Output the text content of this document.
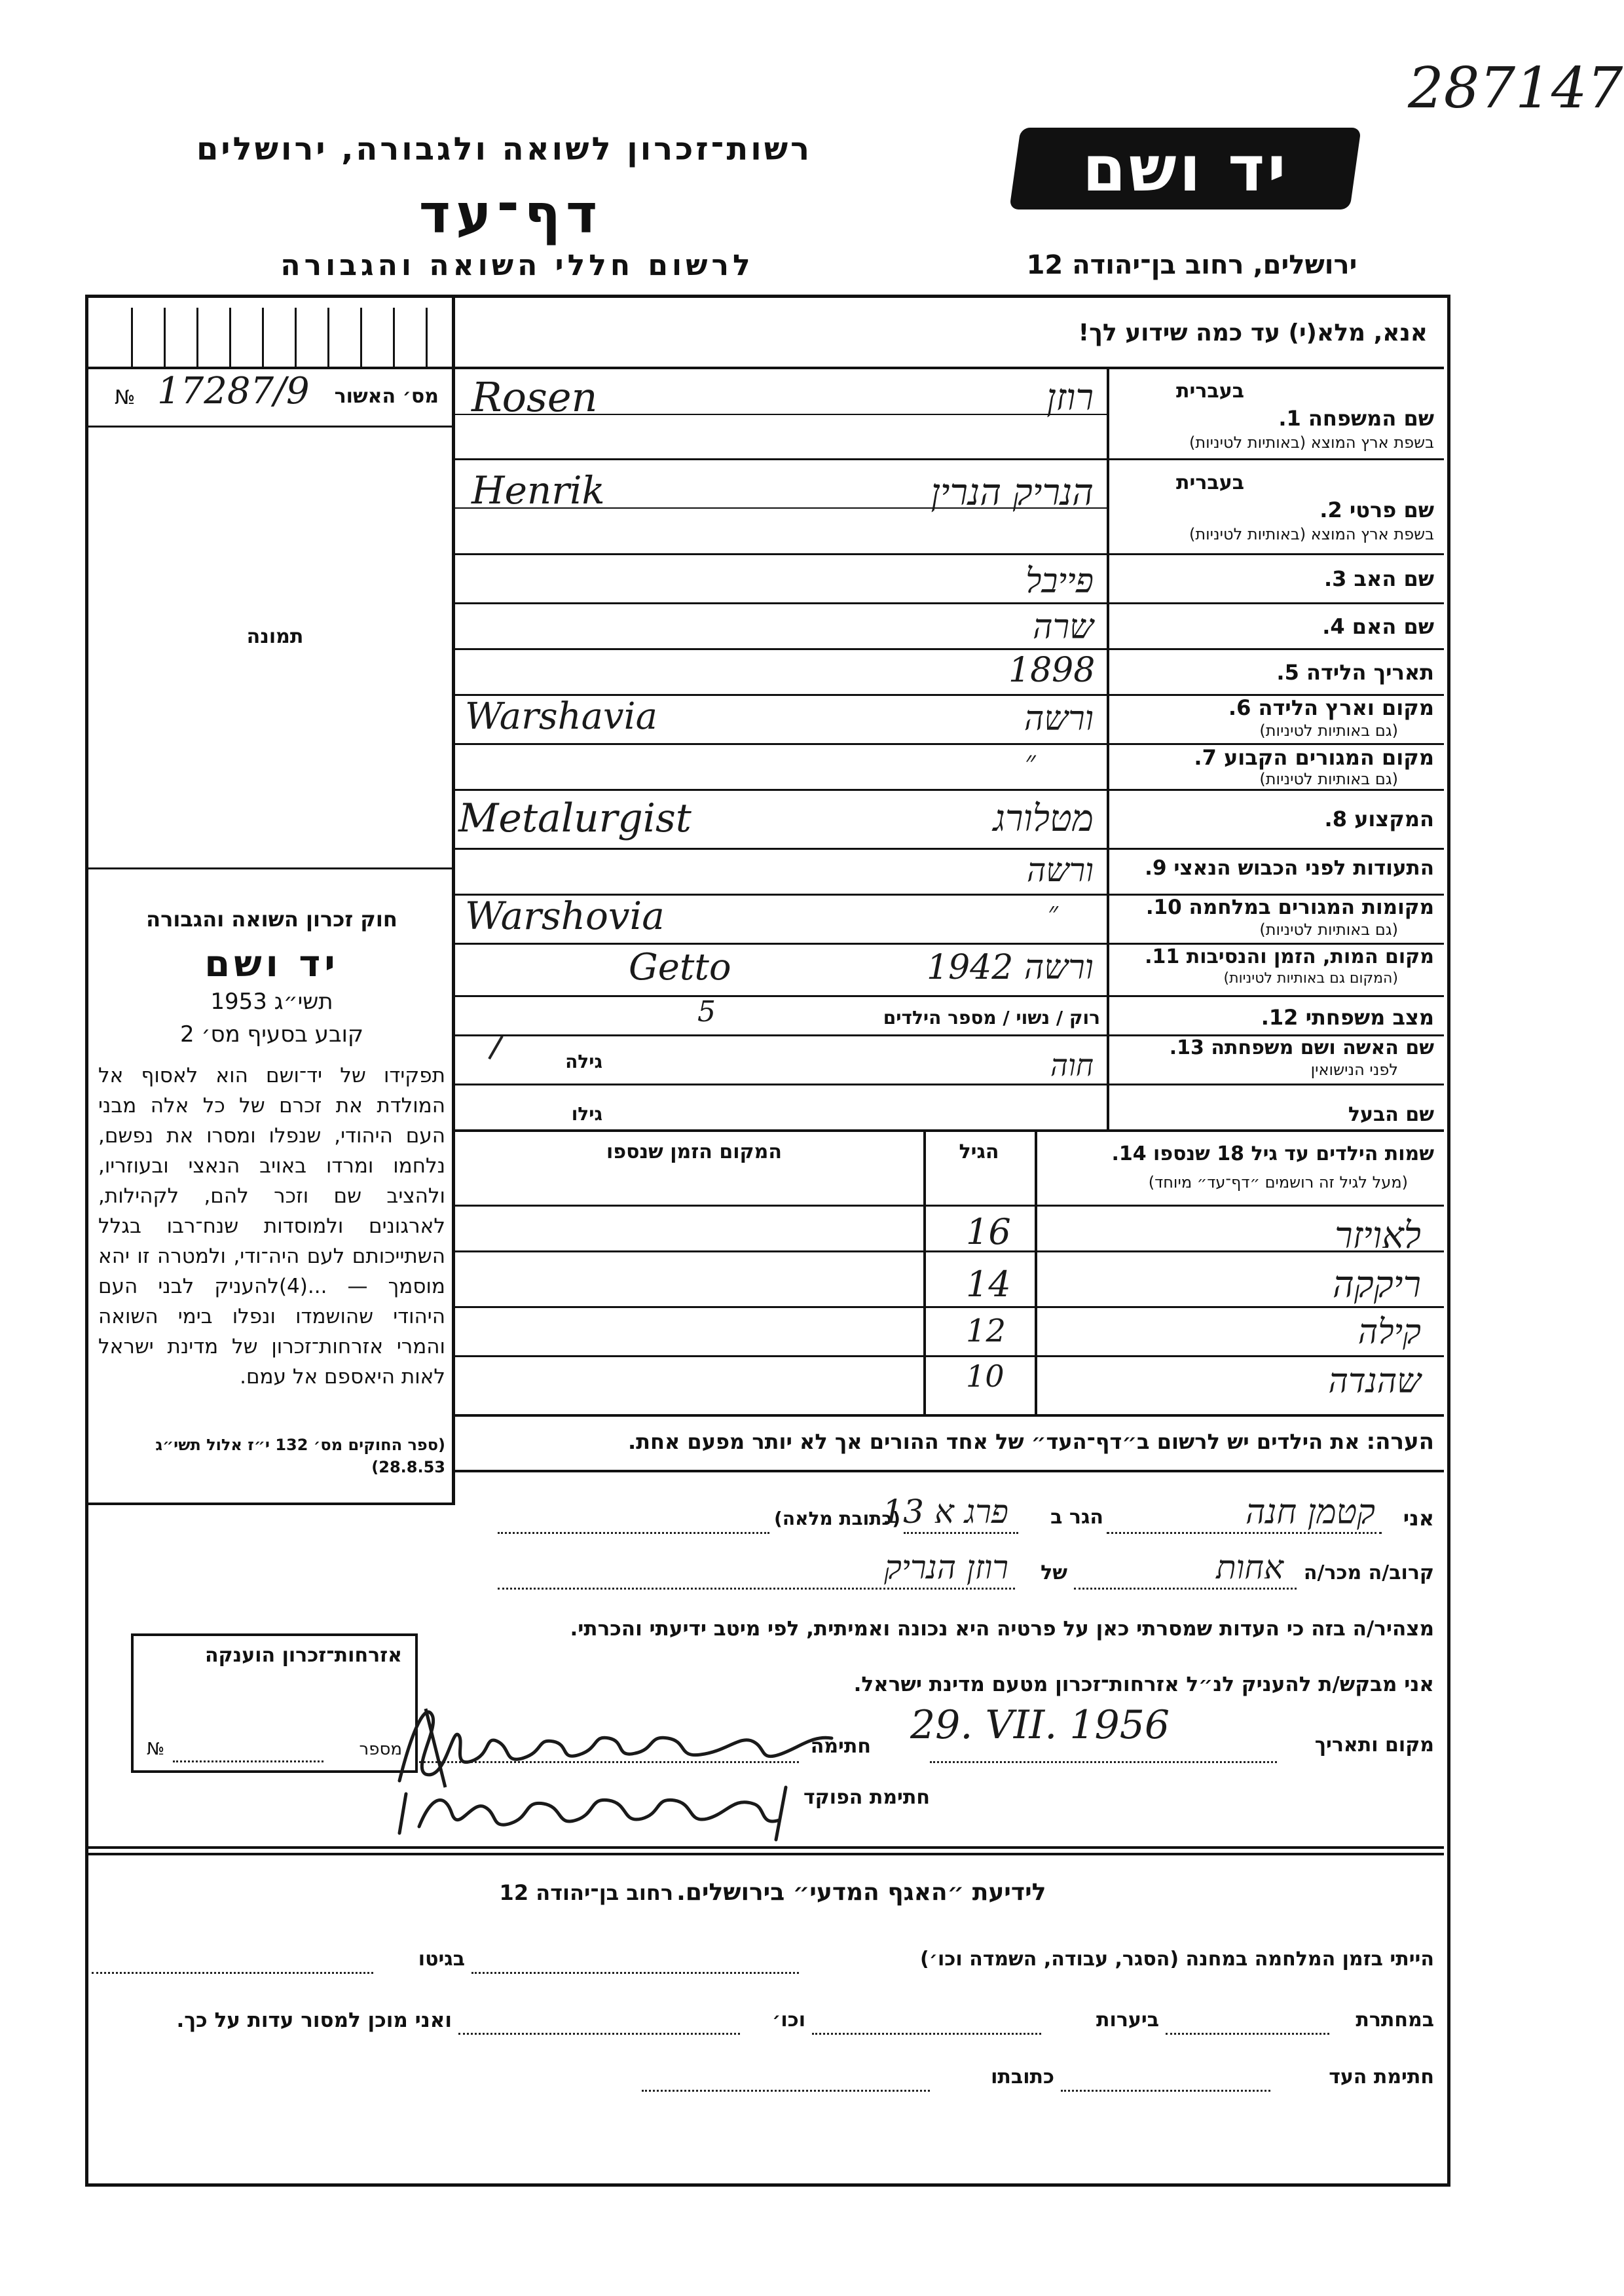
287147
רשות־זכרון לשואה ולגבורה, ירושלים
דף־עד
לרשום חללי השואה והגבורה
יד ושם
ירושלים, רחוב בן־יהודה 12
אנא, מלא(י) עד כמה שידוע לך!
№ 17287/9 מס׳ האשור
תמונה
חוק זכרון השואה והגבורה
יד ושם
תשי״ג 1953
קובע בסעיף מס׳ 2
תפקידו של יד־ושם הוא לאסוף אל המולדת את זכרם של כל אלה מבני העם היהודי, שנפלו ומסרו את נפשם, נלחמו ומרדו באויב הנאצי ובעוזריו, ולהציב שם וזכר להם, לקהילות, לארגונים ולמוסדות שנח־רבו בגלל השתייכותם לעם היה־ודי, ולמטרה זו יהא מוסמך — ...(4)להעניק לבני העם היהודי שהושמדו ונפלו בימי השואה והמרי אזרחות־זכרון של מדינת ישראל לאות היאספם אל עמם.
(ספר החוקים מס׳ 132 י״ז אלול תשי״ג 28.8.53)
בעברית
שם המשפחה 1.
בשפת ארץ המוצא (באותיות לטיניות)
בעברית
שם פרטי 2.
בשפת ארץ המוצא (באותיות לטיניות)
שם האב 3.
שם האם 4.
תאריך הלידה 5.
מקום וארץ הלידה 6.
(גם באותיות לטיניות)
מקום המגורים הקבוע 7.
(גם באותיות לטיניות)
המקצוע 8.
התעודות לפני הכבוש הנאצי 9.
מקומות המגורים במלחמה 10.
(גם באותיות לטיניות)
מקום המות, הזמן והנסיבות 11.
(המקום גם באותיות לטיניות)
מצב משפחתי 12.
רוק / נשוי / מספר הילדים
שם האשה ושם משפחתה 13.
לפני הנישואין
גילה
שם הבעל
גילו
רוזן
Rosen
הנריק הנרין
Henrik
פייבל
שרה
1898
ורשה
Warshavia
״
מטלורג
Metalurgist
ורשה
״
Warshovia
ורשה 1942
Getto
5
חוה
שמות הילדים עד גיל 18 שנספו 14.
(מעל לגיל זה רושמים ״דף־עד״ מיוחד)
הגיל
המקום הזמן שנספו
לאויזר
16
ריקקה
14
קילה
12
שהנדה
10
הערה: את הילדים יש לרשום ב״דף־העד״ של אחד ההורים אך לא יותר מפעם אחת.
אני
קטמן חנה
הגר ב
(כתובת מלאה)
פרג א 13
קרוב/ה מכר/ה
אחות
של
רוזן הנריק
מצהיר/ה בזה כי העדות שמסרתי כאן על פרטיה היא נכונה ואמיתית, לפי מיטב ידיעתי והכרתי.
אזרחות־זכרון הוענקה
№	מספר
אני מבקש/ת להעניק לנ״ל אזרחות־זכרון מטעם מדינת ישראל.
מקום ותאריך
29. VII. 1956
חתימה
חתימת הפוקד
לידיעת ״האגף המדעי״ בירושלים. רחוב בן־יהודה 12
הייתי בזמן המלחמה במחנה (הסגר, עבודה, השמדה וכו׳)
בגיטו
במחתרת
ביערות
וכו׳
ואני מוכן למסור עדות על כך.
חתימת העד
כתובתו
